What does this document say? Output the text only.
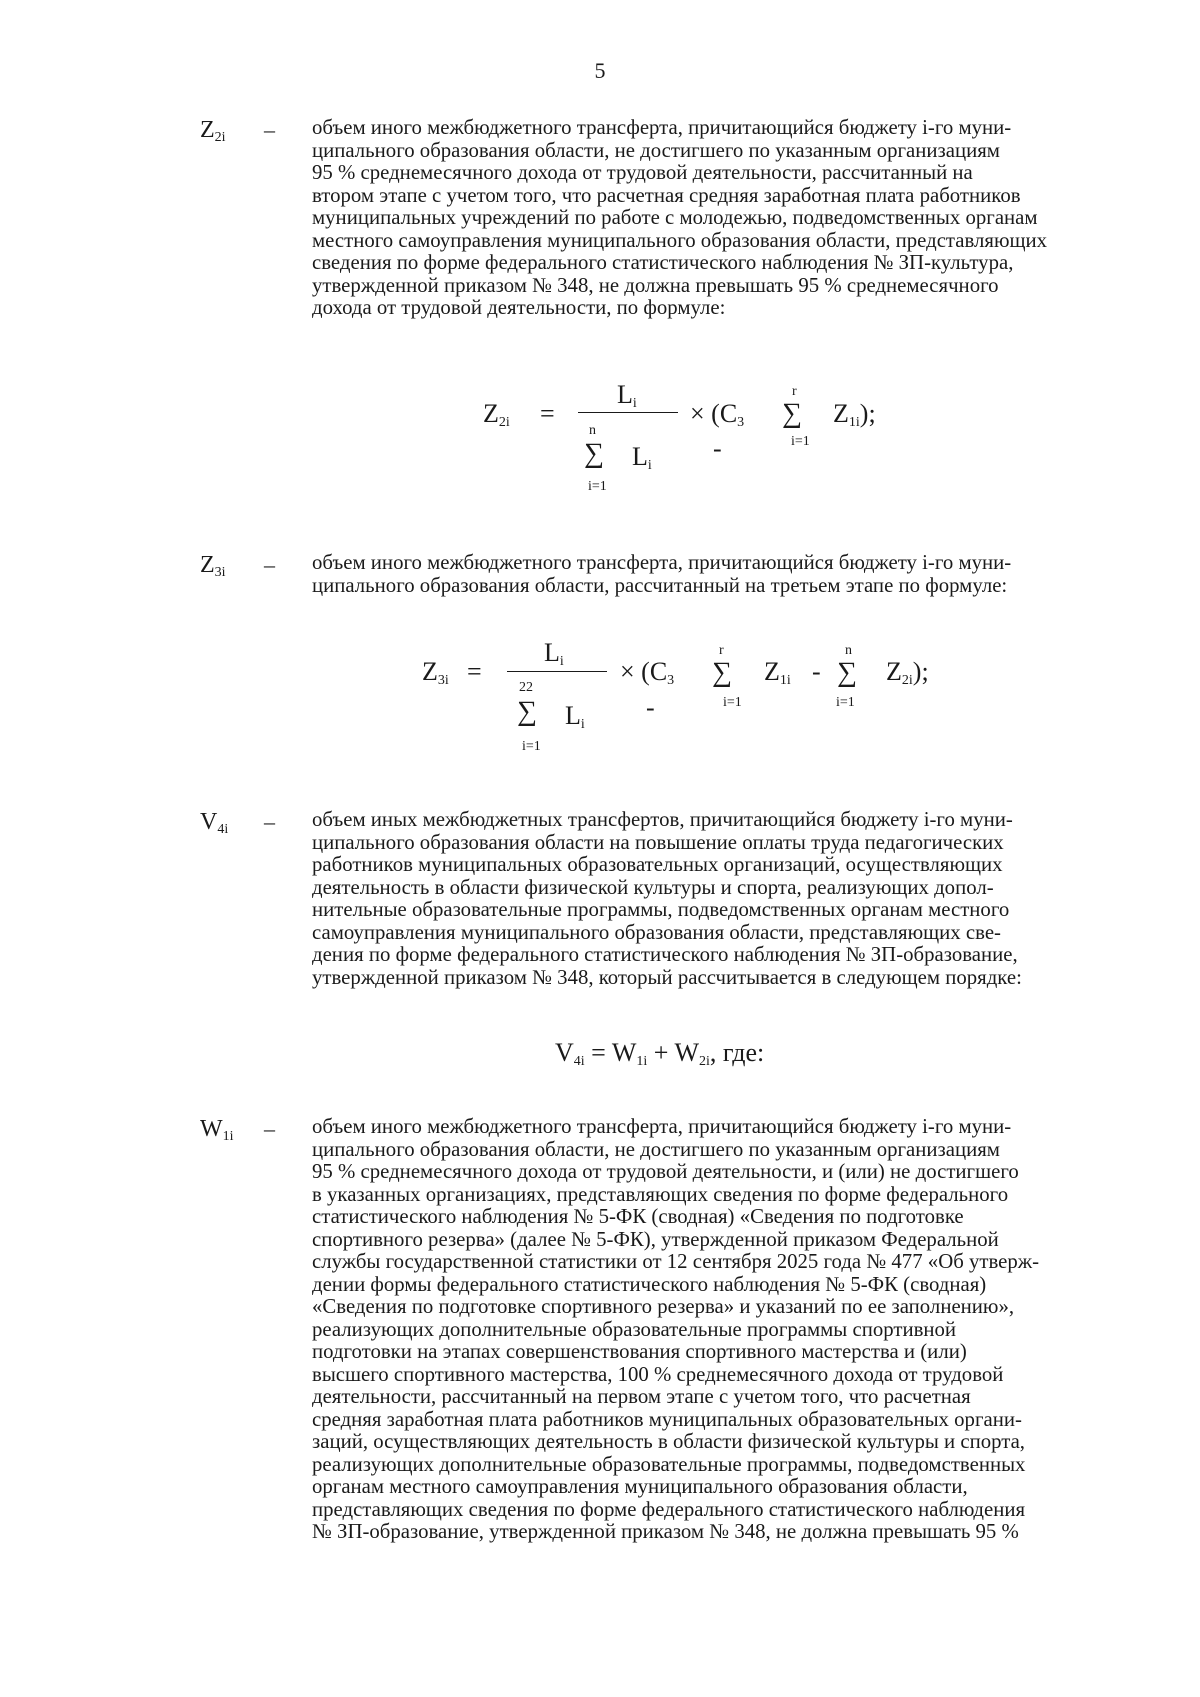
5
$Z_{2i}$ – объем иного межбюджетного трансферта, причитающийся бюджету i-го муни-
ципального образования области, не достигшего по указанным организациям
95 % среднемесячного дохода от трудовой деятельности, рассчитанный на
втором этапе с учетом того, что расчетная средняя заработная плата работников
муниципальных учреждений по работе с молодежью, подведомственных органам
местного самоуправления муниципального образования области, представляющих
сведения по форме федерального статистического наблюдения № ЗП-культура,
утвержденной приказом № 348, не должна превышать 95 % среднемесячного
дохода от трудовой деятельности, по формуле:
$Z_{2i}$ =
$L_i$
n
∑ $L_i$
i=1
× ($C_3$
-
r
∑
i=1
$Z_{1i}$);
$Z_{3i}$ – объем иного межбюджетного трансферта, причитающийся бюджету i-го муни-
ципального образования области, рассчитанный на третьем этапе по формуле:
$Z_{3i}$ =
$L_i$
22
∑ $L_i$
i=1
× ($C_3$
-
r
∑
i=1
$Z_{1i}$ -
n
∑
i=1
$Z_{2i}$);
$V_{4i}$ – объем иных межбюджетных трансфертов, причитающийся бюджету i-го муни-
ципального образования области на повышение оплаты труда педагогических
работников муниципальных образовательных организаций, осуществляющих
деятельность в области физической культуры и спорта, реализующих допол-
нительные образовательные программы, подведомственных органам местного
самоуправления муниципального образования области, представляющих све-
дения по форме федерального статистического наблюдения № ЗП-образование,
утвержденной приказом № 348, который рассчитывается в следующем порядке:
$V_{4i} = W_{1i} + W_{2i}$, где:
$W_{1i}$ – объем иного межбюджетного трансферта, причитающийся бюджету i-го муни-
ципального образования области, не достигшего по указанным организациям
95 % среднемесячного дохода от трудовой деятельности, и (или) не достигшего
в указанных организациях, представляющих сведения по форме федерального
статистического наблюдения № 5-ФК (сводная) «Сведения по подготовке
спортивного резерва» (далее № 5-ФК), утвержденной приказом Федеральной
службы государственной статистики от 12 сентября 2025 года № 477 «Об утверж-
дении формы федерального статистического наблюдения № 5-ФК (сводная)
«Сведения по подготовке спортивного резерва» и указаний по ее заполнению»,
реализующих дополнительные образовательные программы спортивной
подготовки на этапах совершенствования спортивного мастерства и (или)
высшего спортивного мастерства, 100 % среднемесячного дохода от трудовой
деятельности, рассчитанный на первом этапе с учетом того, что расчетная
средняя заработная плата работников муниципальных образовательных органи-
заций, осуществляющих деятельность в области физической культуры и спорта,
реализующих дополнительные образовательные программы, подведомственных
органам местного самоуправления муниципального образования области,
представляющих сведения по форме федерального статистического наблюдения
№ ЗП-образование, утвержденной приказом № 348, не должна превышать 95 %
